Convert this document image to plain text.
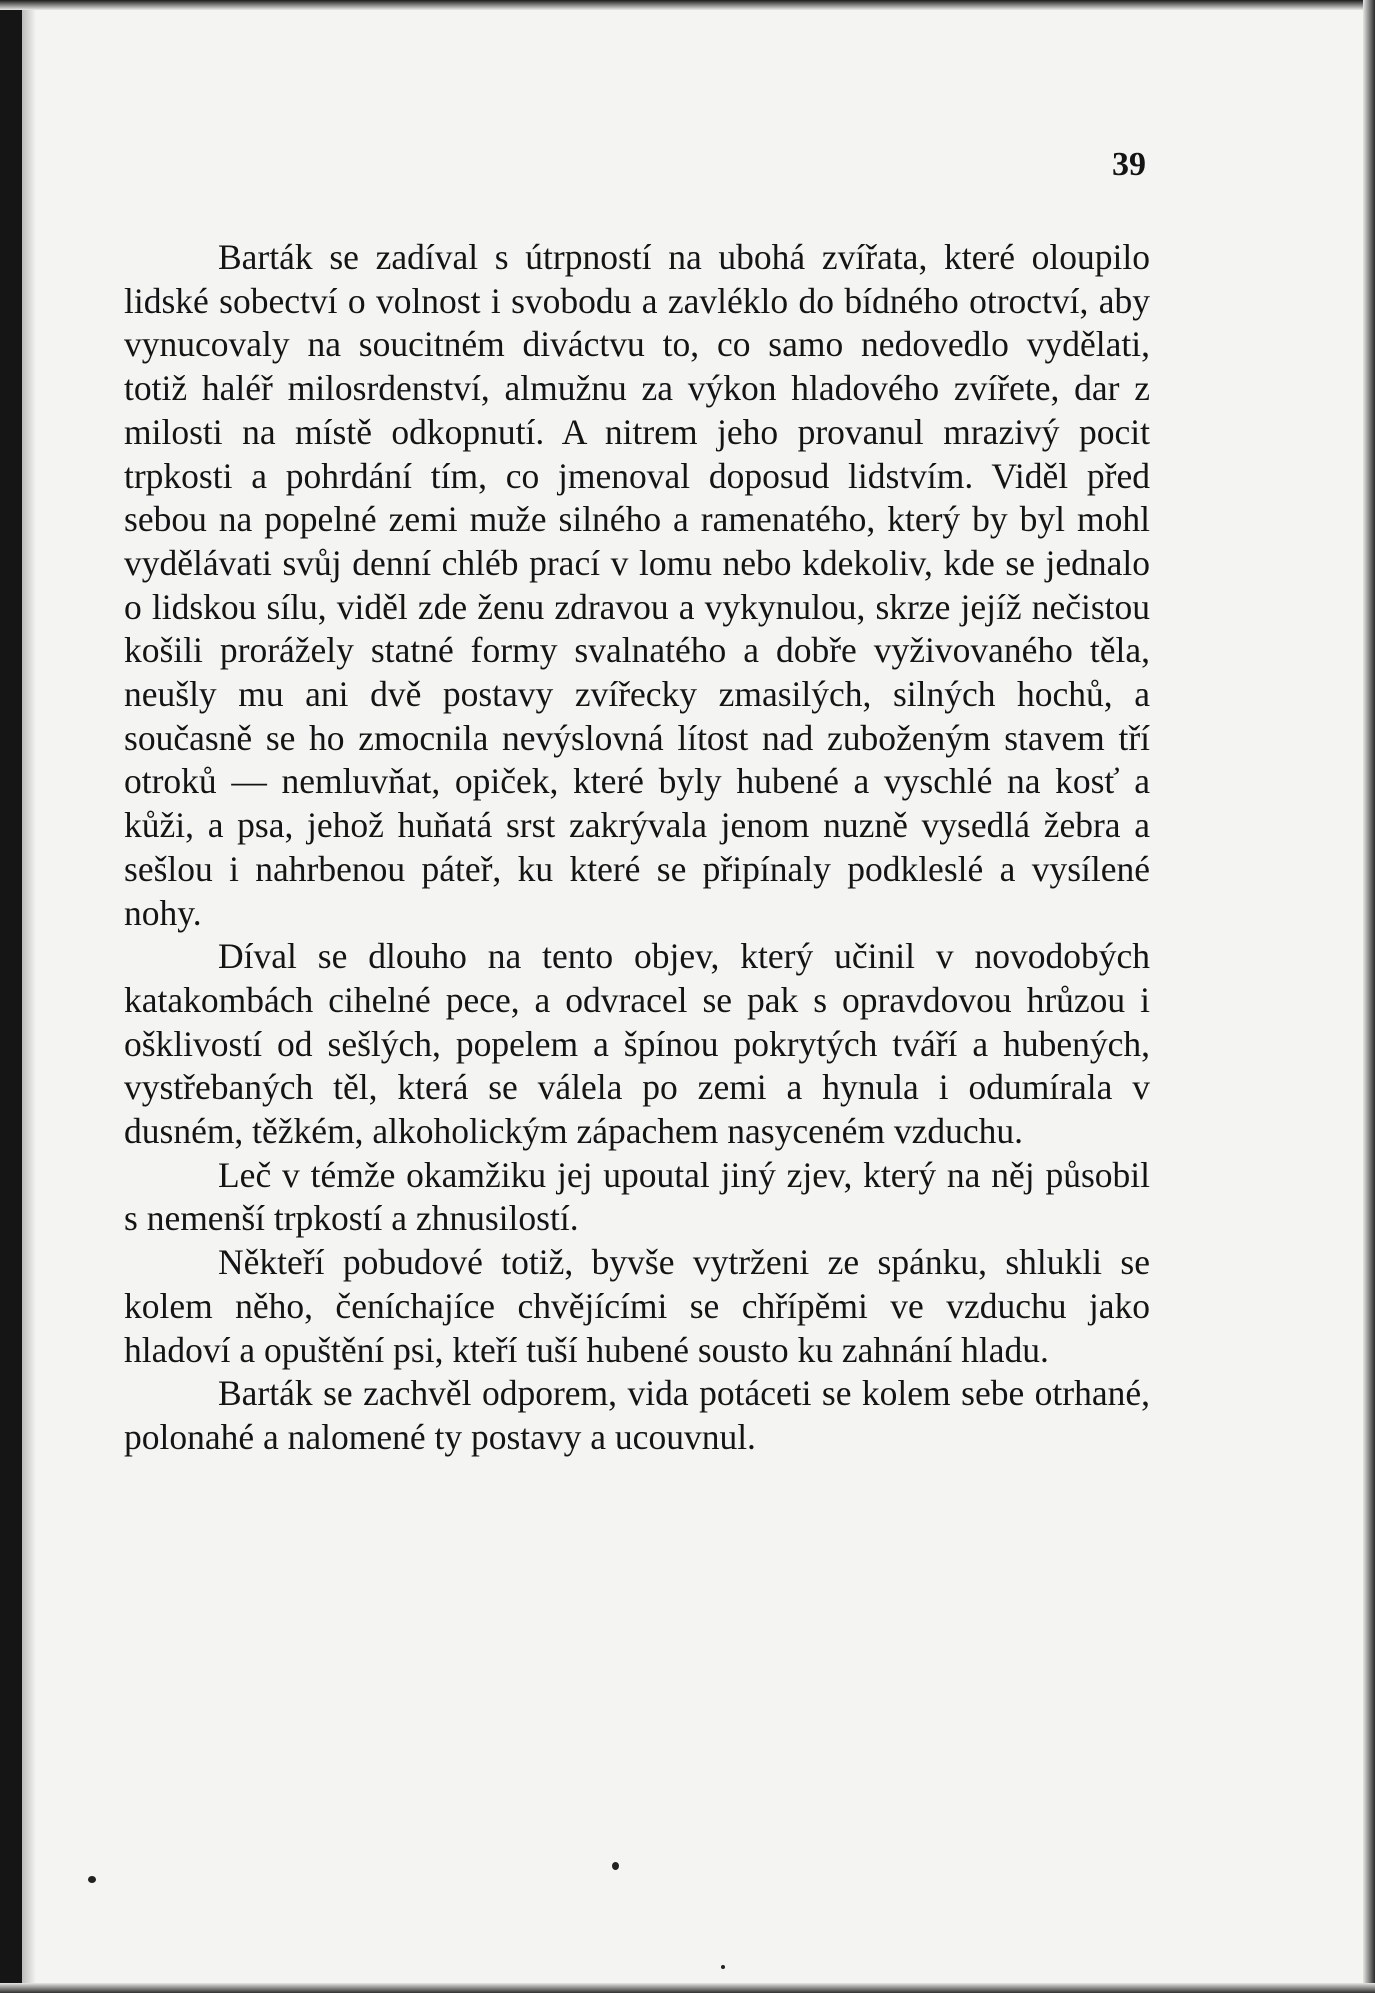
39

Barták se zadíval s útrpností na ubohá zvířata, které oloupilo lidské sobectví o volnost i svobodu a zavléklo do bídného otroctví, aby vynucovaly na soucitném diváctvu to, co samo nedovedlo vydělati, totiž haléř milosrdenství, almužnu za výkon hladového zvířete, dar z milosti na místě odkopnutí. A nitrem jeho provanul mrazivý pocit trpkosti a pohrdání tím, co jmenoval doposud lidstvím. Viděl před sebou na popelné zemi muže silného a ramenatého, který by byl mohl vydělávati svůj denní chléb prací v lomu nebo kdekoliv, kde se jednalo o lidskou sílu, viděl zde ženu zdravou a vykynulou, skrze jejíž nečistou košili prorážely statné formy svalnatého a dobře vyživovaného těla, neušly mu ani dvě postavy zvířecky zmasilých, silných hochů, a současně se ho zmocnila nevýslovná lítost nad zuboženým stavem tří otroků — nemluvňat, opiček, které byly hubené a vyschlé na kosť a kůži, a psa, jehož huňatá srst zakrývala jenom nuzně vysedlá žebra a sešlou i nahrbenou páteř, ku které se připínaly podkleslé a vysílené nohy.

Díval se dlouho na tento objev, který učinil v novodobých katakombách cihelné pece, a odvracel se pak s opravdovou hrůzou i ošklivostí od sešlých, popelem a špínou pokrytých tváří a hubených, vystřebaných těl, která se válela po zemi a hynula i odumírala v dusném, těžkém, alkoholickým zápachem nasyceném vzduchu.

Leč v témže okamžiku jej upoutal jiný zjev, který na něj působil s nemenší trpkostí a zhnusilostí.

Někteří pobudové totiž, byvše vytrženi ze spánku, shlukli se kolem něho, čeníchajíce chvějícími se chřípěmi ve vzduchu jako hladoví a opuštění psi, kteří tuší hubené sousto ku zahnání hladu.

Barták se zachvěl odporem, vida potáceti se kolem sebe otrhané, polonahé a nalomené ty postavy a ucouvnul.
